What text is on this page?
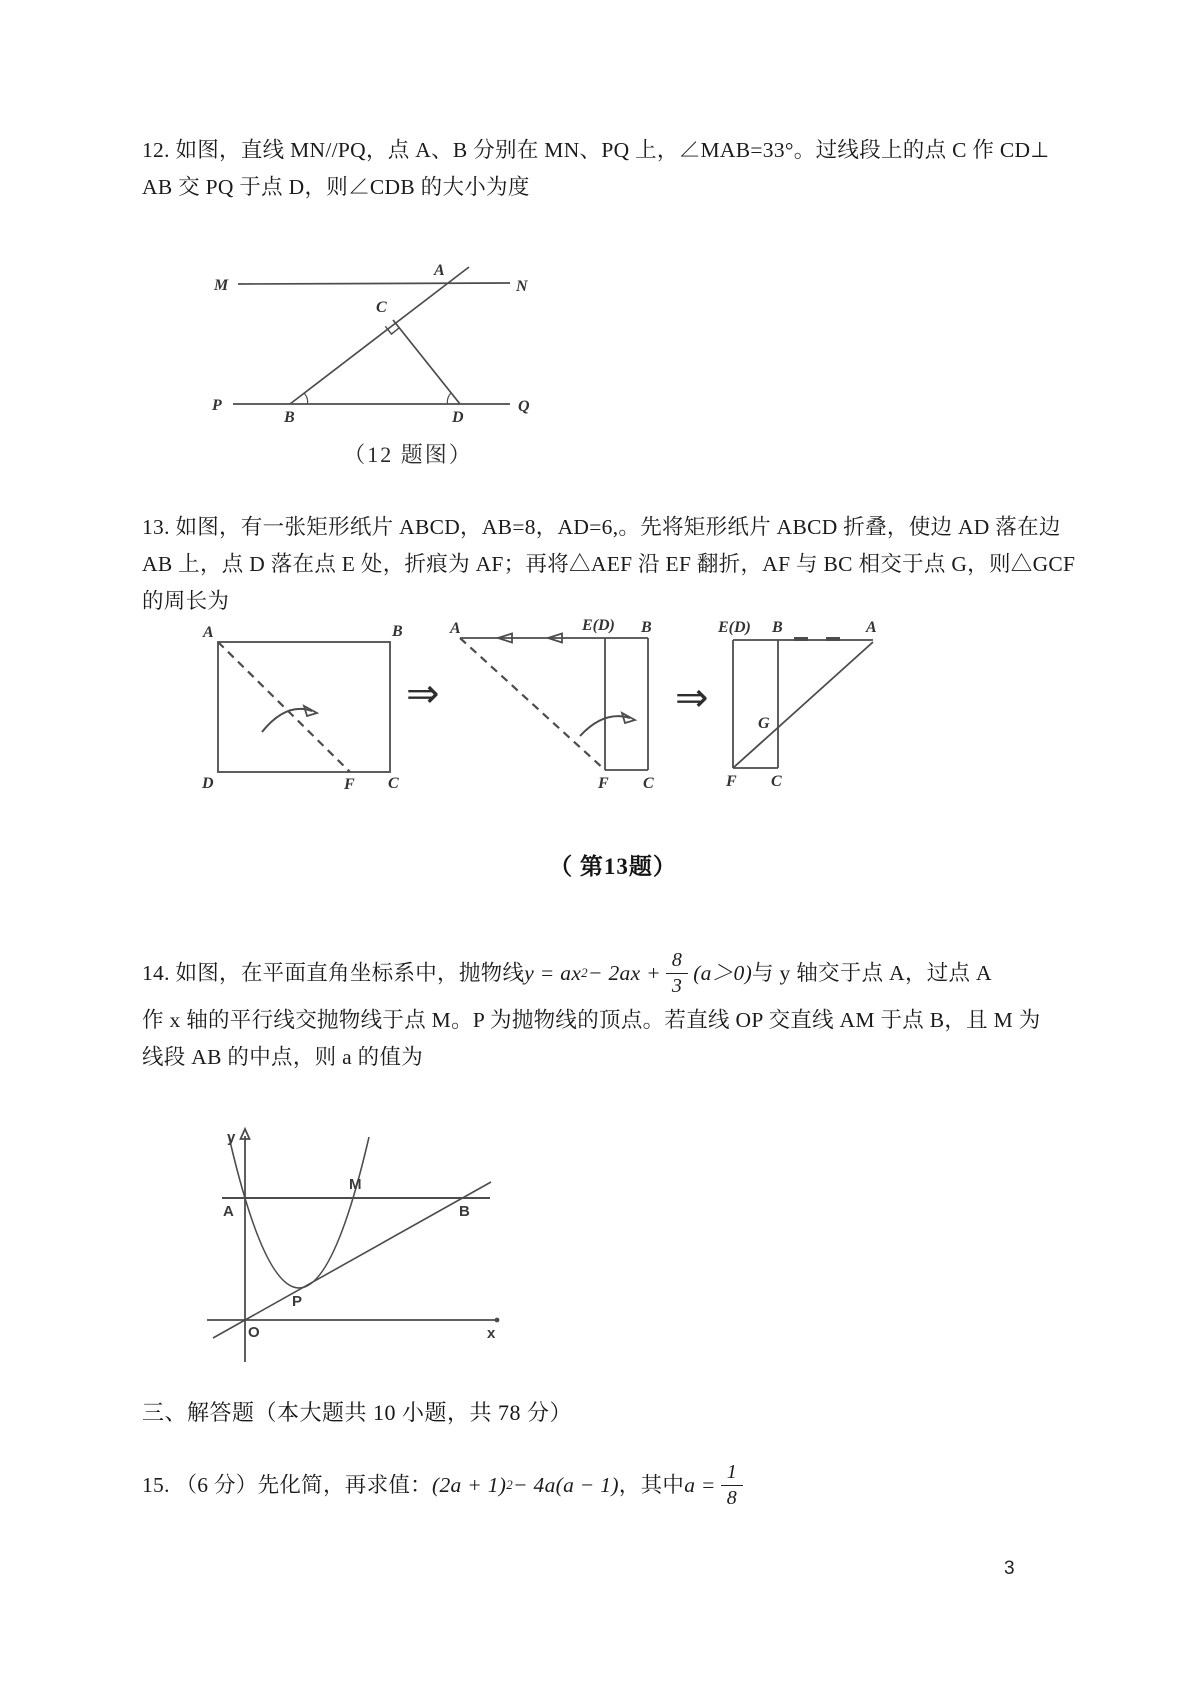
12. 如图，直线 MN//PQ，点 A、B 分别在 MN、PQ 上，∠MAB=33°。过线段上的点 C 作 CD⊥
AB 交 PQ 于点 D，则∠CDB 的大小为度
M	N
A
C
P
B	D
Q
（12 题图）
13. 如图，有一张矩形纸片 ABCD，AB=8，AD=6,。先将矩形纸片 ABCD 折叠，使边 AD 落在边
AB 上，点 D 落在点 E 处，折痕为 AF；再将△AEF 沿 EF 翻折，AF 与 BC 相交于点 G，则△GCF
的周长为
A	B
D	F C
⇒
A	E(D) B
F C
⇒
E(D) B	A
G
F C
（ 第13题）
14. 如图，在平面直角坐标系中，抛物线 y = ax $2 - 2ax + \frac{8}{3} (a>0)$ 与 y 轴交于点 A，过点 A
作 x 轴的平行线交抛物线于点 M。P 为抛物线的顶点。若直线 OP 交直线 AM 于点 B，且 M 为
线段 AB 的中点，则 a 的值为
y
x
O
A
M
B
P
三、解答题（本大题共 10 小题，共 78 分）
15. （6 分）先化简，再求值： (2a + 1) 2 − 4a(a − 1) ，其中 $a = \frac{1}{8}$
3
